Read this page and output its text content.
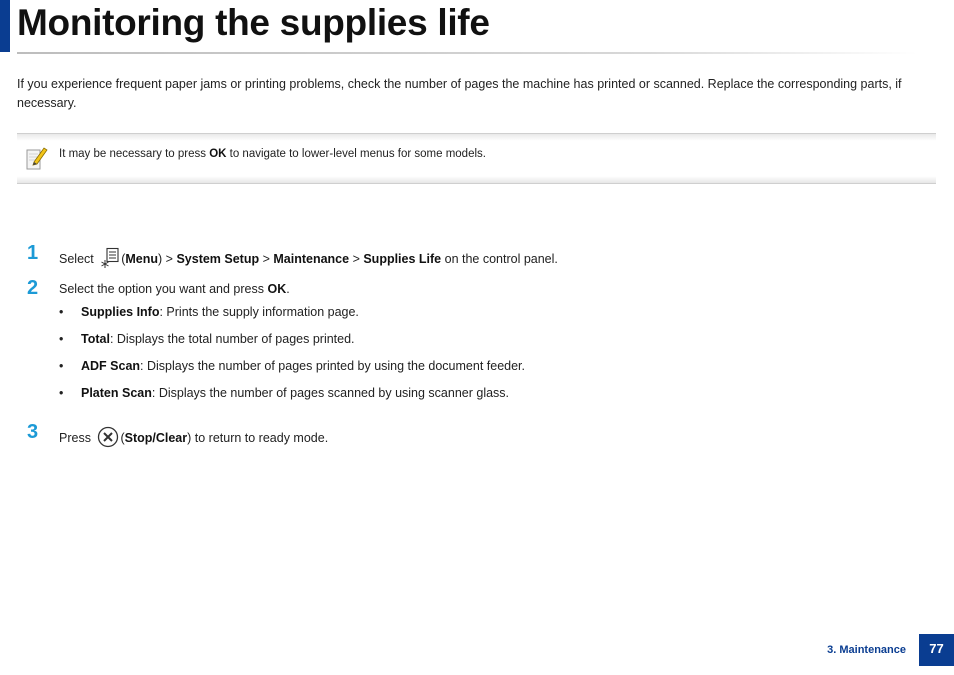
Monitoring the supplies life

If you experience frequent paper jams or printing problems, check the number of pages the machine has printed or scanned. Replace the corresponding parts, if necessary.

It may be necessary to press OK to navigate to lower-level menus for some models.
1 Select (Menu) > System Setup > Maintenance > Supplies Life on the control panel.
2 Select the option you want and press OK.
• Supplies Info: Prints the supply information page.
• Total: Displays the total number of pages printed.
• ADF Scan: Displays the number of pages printed by using the document feeder.
• Platen Scan: Displays the number of pages scanned by using scanner glass.
3 Press (Stop/Clear) to return to ready mode.
3. Maintenance	77
